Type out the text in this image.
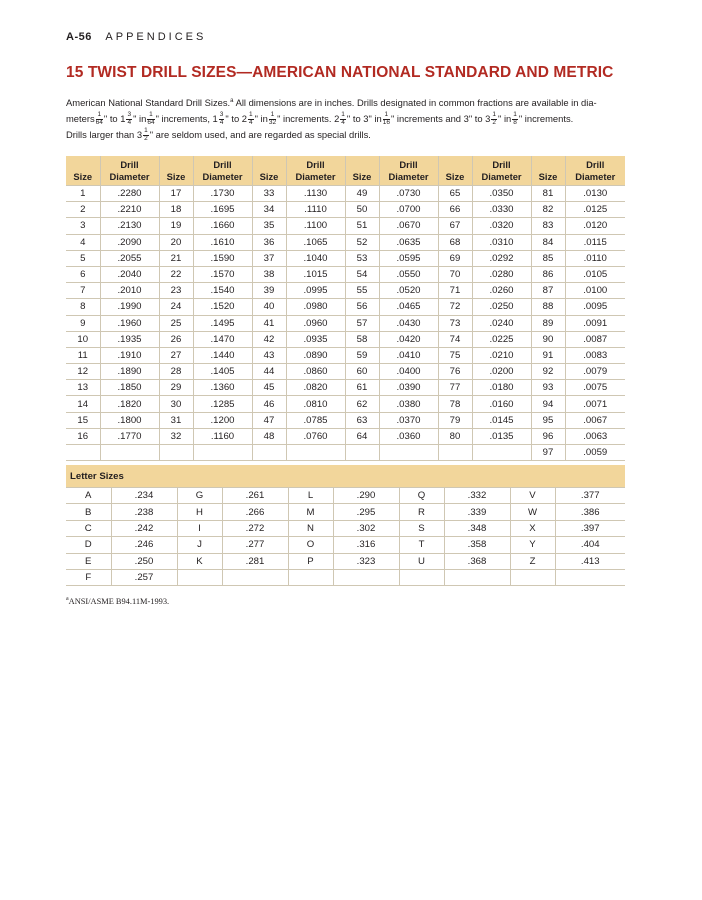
A-56 APPENDICES
15 TWIST DRILL SIZES—AMERICAN NATIONAL STANDARD AND METRIC

American National Standard Drill Sizes.$^a$ All dimensions are in inches. Drills designated in common fractions are available in dia-

meters 1
64 " to 1 3
4 " in 1
64 " increments, 1 3
4 " to 2 1
4 " in 1
32 " increments. 2 1
4 " to 3" in 1
16 " increments and 3" to 3 1
2 " in 1
8 " increments.

Drills larger than 3 1
2 " are seldom used, and are regarded as special drills.

Size	Drill
Diameter	Size	Drill
Diameter	Size	Drill
Diameter	Size	Drill
Diameter	Size	Drill
Diameter	Size	Drill
Diameter
1	.2280	17	.1730	33	.1130	49	.0730	65	.0350	81	.0130
2	.2210	18	.1695	34	.1110	50	.0700	66	.0330	82	.0125
3	.2130	19	.1660	35	.1100	51	.0670	67	.0320	83	.0120
4	.2090	20	.1610	36	.1065	52	.0635	68	.0310	84	.0115
5	.2055	21	.1590	37	.1040	53	.0595	69	.0292	85	.0110
6	.2040	22	.1570	38	.1015	54	.0550	70	.0280	86	.0105
7	.2010	23	.1540	39	.0995	55	.0520	71	.0260	87	.0100
8	.1990	24	.1520	40	.0980	56	.0465	72	.0250	88	.0095
9	.1960	25	.1495	41	.0960	57	.0430	73	.0240	89	.0091
10	.1935	26	.1470	42	.0935	58	.0420	74	.0225	90	.0087
11	.1910	27	.1440	43	.0890	59	.0410	75	.0210	91	.0083
12	.1890	28	.1405	44	.0860	60	.0400	76	.0200	92	.0079
13	.1850	29	.1360	45	.0820	61	.0390	77	.0180	93	.0075
14	.1820	30	.1285	46	.0810	62	.0380	78	.0160	94	.0071
15	.1800	31	.1200	47	.0785	63	.0370	79	.0145	95	.0067
16	.1770	32	.1160	48	.0760	64	.0360	80	.0135	96	.0063
										97	.0059
Letter Sizes									
A	.234	G	.261	L	.290	Q	.332	V	.377
B	.238	H	.266	M	.295	R	.339	W	.386
C	.242	I	.272	N	.302	S	.348	X	.397
D	.246	J	.277	O	.316	T	.358	Y	.404
E	.250	K	.281	P	.323	U	.368	Z	.413
F	.257								
$^a$ANSI/ASME B94.11M-1993.
